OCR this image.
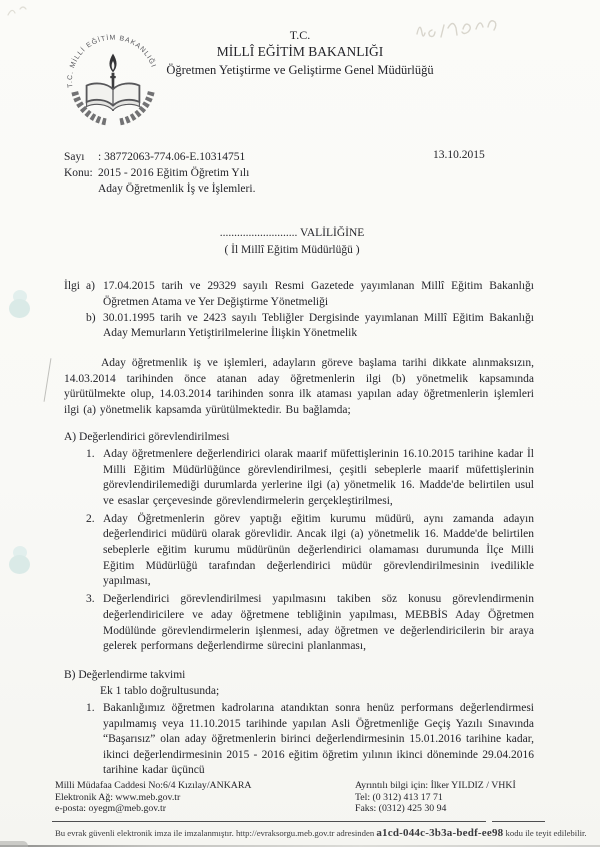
T.C. MİLLİ EĞİTİM BAKANLIĞI
T.C.
MİLLÎ EĞİTİM BAKANLIĞI
Öğretmen Yetiştirme ve Geliştirme Genel Müdürlüğü
Sayı	: 38772063-774.06-E.10314751
Konu: 2015 - 2016 Eğitim Öğretim Yılı
Aday Öğretmenlik İş ve İşlemleri.
13.10.2015
........................... VALİLİĞİNE
( İl Millî Eğitim Müdürlüğü )
İlgi a) 17.04.2015 tarih ve 29329 sayılı Resmi Gazetede yayımlanan Millî Eğitim Bakanlığı Öğretmen Atama ve Yer Değiştirme Yönetmeliği
b) 30.01.1995 tarih ve 2423 sayılı Tebliğler Dergisinde yayımlanan Millî Eğitim Bakanlığı Aday Memurların Yetiştirilmelerine İlişkin Yönetmelik
Aday öğretmenlik iş ve işlemleri, adayların göreve başlama tarihi dikkate alınmaksızın, 14.03.2014 tarihinden önce atanan aday öğretmenlerin ilgi (b) yönetmelik kapsamında yürütülmekte olup, 14.03.2014 tarihinden sonra ilk ataması yapılan aday öğretmenlerin işlemleri ilgi (a) yönetmelik kapsamda yürütülmektedir. Bu bağlamda;
A) Değerlendirici görevlendirilmesi
1. Aday öğretmenlere değerlendirici olarak maarif müfettişlerinin 16.10.2015 tarihine kadar İl Milli Eğitim Müdürlüğünce görevlendirilmesi, çeşitli sebeplerle maarif müfettişlerinin görevlendirilemediği durumlarda yerlerine ilgi (a) yönetmelik 16. Madde'de belirtilen usul ve esaslar çerçevesinde görevlendirmelerin gerçekleştirilmesi,
2. Aday Öğretmenlerin görev yaptığı eğitim kurumu müdürü, aynı zamanda adayın değerlendirici müdürü olarak görevlidir. Ancak ilgi (a) yönetmelik 16. Madde'de belirtilen sebeplerle eğitim kurumu müdürünün değerlendirici olamaması durumunda İlçe Milli Eğitim Müdürlüğü tarafından değerlendirici müdür görevlendirilmesinin ivedilikle yapılması,
3. Değerlendirici görevlendirilmesi yapılmasını takiben söz konusu görevlendirmenin değerlendiricilere ve aday öğretmene tebliğinin yapılması, MEBBİS Aday Öğretmen Modülünde görevlendirmelerin işlenmesi, aday öğretmen ve değerlendiricilerin bir araya gelerek performans değerlendirme sürecini planlanması,
B) Değerlendirme takvimi
Ek 1 tablo doğrultusunda;
1. Bakanlığımız öğretmen kadrolarına atandıktan sonra henüz performans değerlendirmesi yapılmamış veya 11.10.2015 tarihinde yapılan Asli Öğretmenliğe Geçiş Yazılı Sınavında “Başarısız” olan aday öğretmenlerin birinci değerlendirmesinin 15.01.2016 tarihine kadar, ikinci değerlendirmesinin 2015 - 2016 eğitim öğretim yılının ikinci döneminde 29.04.2016 tarihine kadar üçüncü
Milli Müdafaa Caddesi No:6/4 Kızılay/ANKARA
Elektronik Ağ: www.meb.gov.tr
e-posta: oyegm@meb.gov.tr
Ayrıntılı bilgi için: İlker YILDIZ / VHKİ
Tel: (0 312) 413 17 71
Faks: (0312) 425 30 94
Bu evrak güvenli elektronik imza ile imzalanmıştır. http://evraksorgu.meb.gov.tr adresinden a1cd-044c-3b3a-bedf-ee98 kodu ile teyit edilebilir.
